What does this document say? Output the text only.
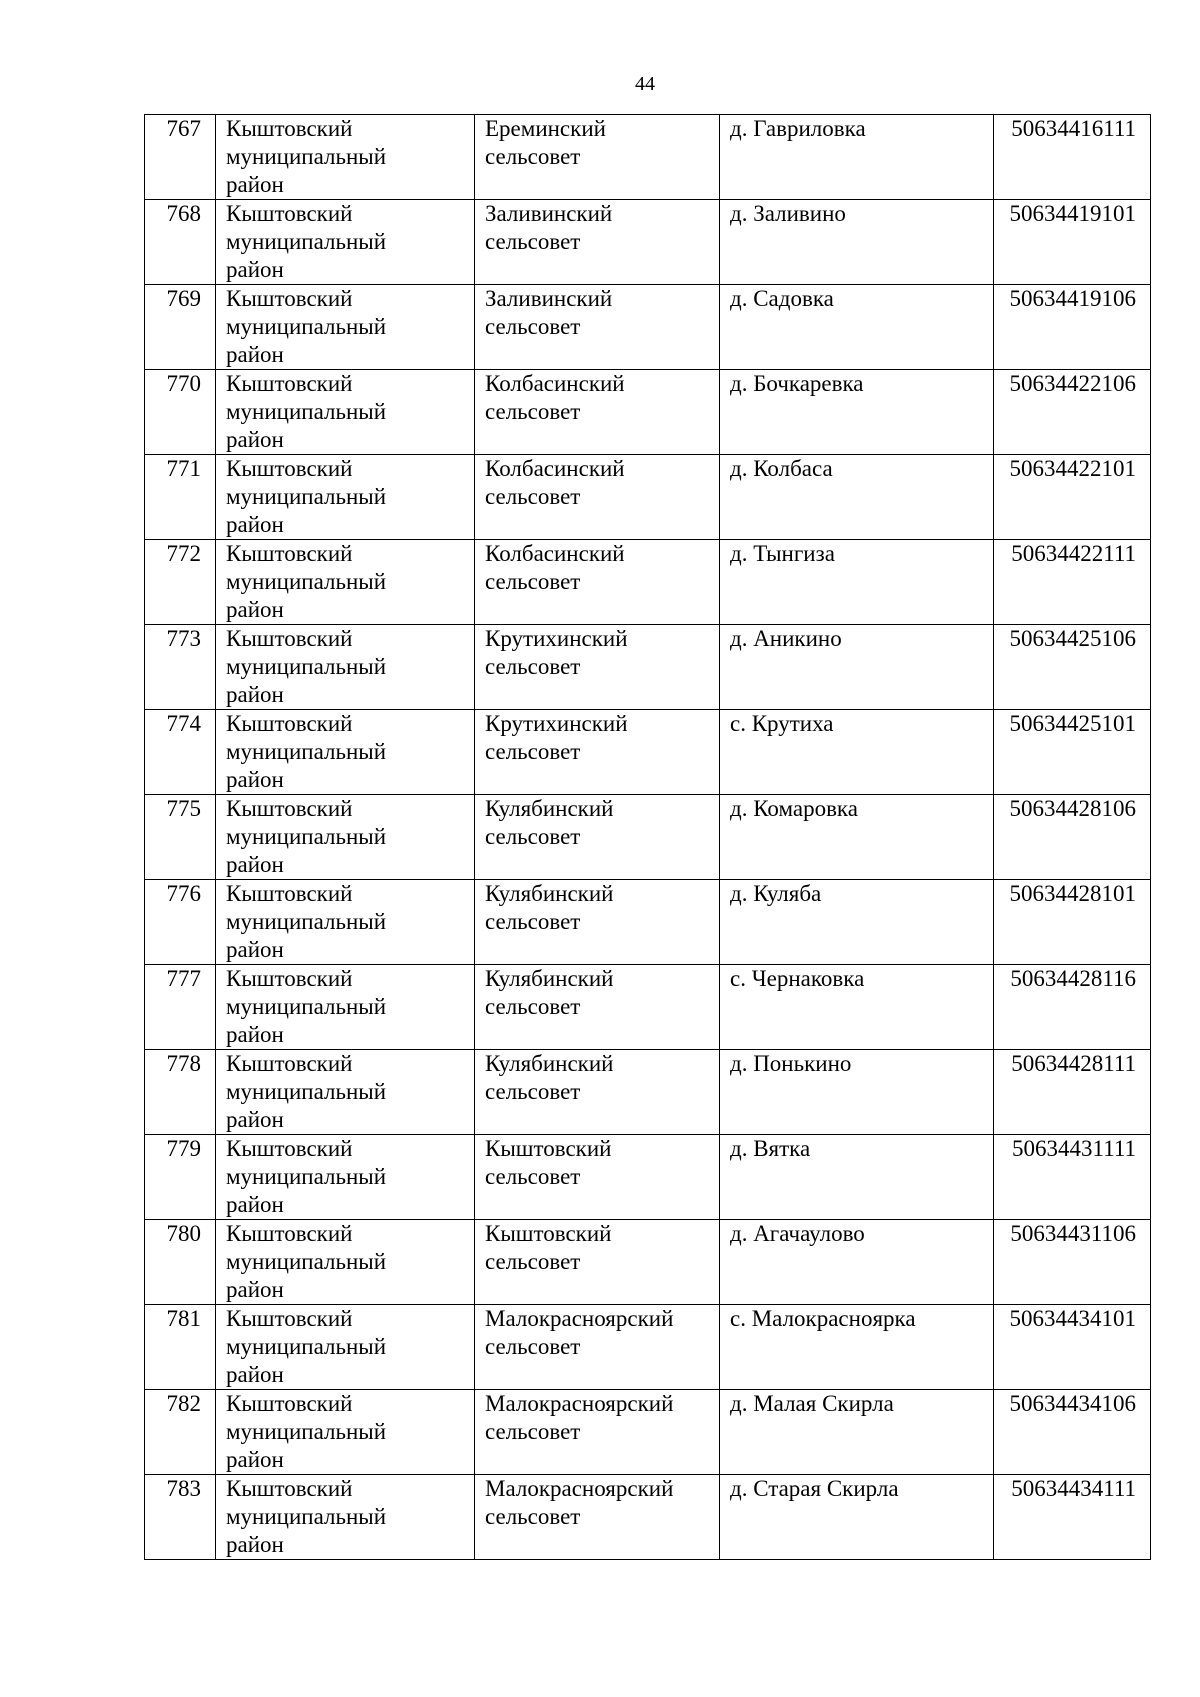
44
767	Кыштовский
муниципальный
район	Ереминский
сельсовет	д. Гавриловка	50634416111

768	Кыштовский
муниципальный
район	Заливинский
сельсовет	д. Заливино	50634419101

769	Кыштовский
муниципальный
район	Заливинский
сельсовет	д. Садовка	50634419106

770	Кыштовский
муниципальный
район	Колбасинский
сельсовет	д. Бочкаревка	50634422106

771	Кыштовский
муниципальный
район	Колбасинский
сельсовет	д. Колбаса	50634422101

772	Кыштовский
муниципальный
район	Колбасинский
сельсовет	д. Тынгиза	50634422111

773	Кыштовский
муниципальный
район	Крутихинский
сельсовет	д. Аникино	50634425106

774	Кыштовский
муниципальный
район	Крутихинский
сельсовет	с. Крутиха	50634425101

775	Кыштовский
муниципальный
район	Кулябинский
сельсовет	д. Комаровка	50634428106

776	Кыштовский
муниципальный
район	Кулябинский
сельсовет	д. Куляба	50634428101

777	Кыштовский
муниципальный
район	Кулябинский
сельсовет	с. Чернаковка	50634428116

778	Кыштовский
муниципальный
район	Кулябинский
сельсовет	д. Понькино	50634428111

779	Кыштовский
муниципальный
район	Кыштовский
сельсовет	д. Вятка	50634431111

780	Кыштовский
муниципальный
район	Кыштовский
сельсовет	д. Агачаулово	50634431106

781	Кыштовский
муниципальный
район	Малокрасноярский
сельсовет	с. Малокраснoярка	50634434101

782	Кыштовский
муниципальный
район	Малокрасноярский
сельсовет	д. Малая Скирла	50634434106

783	Кыштовский
муниципальный
район	Малокрасноярский
сельсовет	д. Старая Скирла	50634434111
